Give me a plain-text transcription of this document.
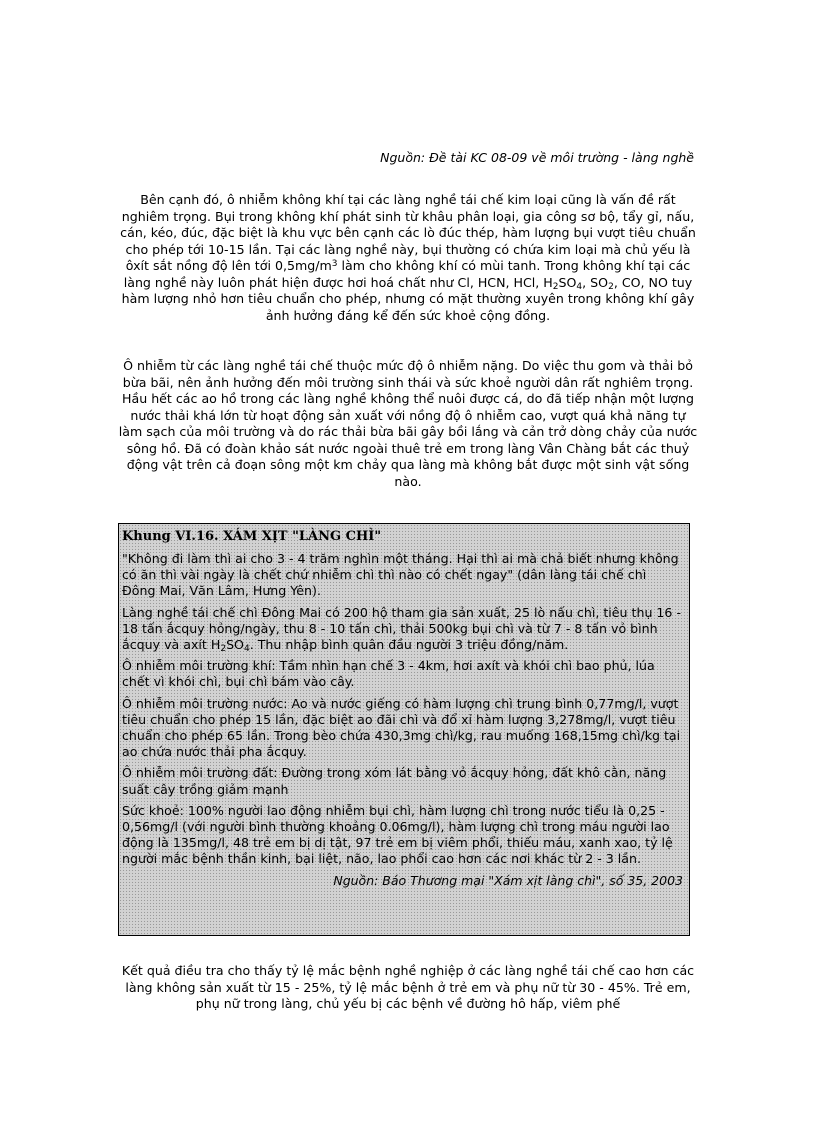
Nguồn: Đề tài KC 08-09 về môi trường - làng nghề

Bên cạnh đó, ô nhiễm không khí tại các làng nghề tái chế kim loại cũng là vấn đề rất nghiêm trọng. Bụi trong không khí phát sinh từ khâu phân loại, gia công sơ bộ, tẩy gỉ, nấu, cán, kéo, đúc, đặc biệt là khu vực bên cạnh các lò đúc thép, hàm lượng bụi vượt tiêu chuẩn cho phép tới 10-15 lần. Tại các làng nghề này, bụi thường có chứa kim loại mà chủ yếu là ôxít sắt nồng độ lên tới $0,5mg/m^3$ làm cho không khí có mùi tanh. Trong không khí tại các làng nghề này luôn phát hiện được hơi hoá chất như Cl, HCN, HCl, $H_2SO_4$, $SO_2$, CO, NO tuy hàm lượng nhỏ hơn tiêu chuẩn cho phép, nhưng có mặt thường xuyên trong không khí gây ảnh hưởng đáng kể đến sức khoẻ cộng đồng.

Ô nhiễm từ các làng nghề tái chế thuộc mức độ ô nhiễm nặng. Do việc thu gom và thải bỏ bừa bãi, nên ảnh hưởng đến môi trường sinh thái và sức khoẻ người dân rất nghiêm trọng. Hầu hết các ao hồ trong các làng nghề không thể nuôi được cá, do đã tiếp nhận một lượng nước thải khá lớn từ hoạt động sản xuất với nồng độ ô nhiễm cao, vượt quá khả năng tự làm sạch của môi trường và do rác thải bừa bãi gây bồi lắng và cản trở dòng chảy của nước sông hồ. Đã có đoàn khảo sát nước ngoài thuê trẻ em trong làng Vân Chàng bắt các thuỷ động vật trên cả đoạn sông một km chảy qua làng mà không bắt được một sinh vật sống nào.

Khung VI.16. XÁM XỊT "LÀNG CHÌ"

"Không đi làm thì ai cho 3 - 4 trăm nghìn một tháng. Hại thì ai mà chả biết nhưng không có ăn thì vài ngày là chết chứ nhiễm chì thì nào có chết ngay" (dân làng tái chế chì Đông Mai, Văn Lâm, Hưng Yên).

Làng nghề tái chế chì Đông Mai có 200 hộ tham gia sản xuất, 25 lò nấu chì, tiêu thụ 16 - 18 tấn ắcquy hỏng/ngày, thu 8 - 10 tấn chì, thải 500kg bụi chì và từ 7 - 8 tấn vỏ bình ắcquy và axít $H_2SO_4$. Thu nhập bình quân đầu người 3 triệu đồng/năm.

Ô nhiễm môi trường khí: Tầm nhìn hạn chế 3 - 4km, hơi axít và khói chì bao phủ, lúa chết vì khói chì, bụi chì bám vào cây.

Ô nhiễm môi trường nước: Ao và nước giếng có hàm lượng chì trung bình 0,77mg/l, vượt tiêu chuẩn cho phép 15 lần, đặc biệt ao đãi chì và đổ xỉ hàm lượng 3,278mg/l, vượt tiêu chuẩn cho phép 65 lần. Trong bèo chứa 430,3mg chì/kg, rau muống 168,15mg chì/kg tại ao chứa nước thải pha ắcquy.

Ô nhiễm môi trường đất: Đường trong xóm lát bằng vỏ ắcquy hỏng, đất khô cằn, năng suất cây trồng giảm mạnh

Sức khoẻ: 100% người lao động nhiễm bụi chì, hàm lượng chì trong nước tiểu là 0,25 - 0,56mg/l (với người bình thường khoảng 0.06mg/l), hàm lượng chì trong máu người lao động là 135mg/l, 48 trẻ em bị dị tật, 97 trẻ em bị viêm phổi, thiếu máu, xanh xao, tỷ lệ người mắc bệnh thần kinh, bại liệt, não, lao phổi cao hơn các nơi khác từ 2 - 3 lần.

Nguồn: Báo Thương mại "Xám xịt làng chì", số 35, 2003

Kết quả điều tra cho thấy tỷ lệ mắc bệnh nghề nghiệp ở các làng nghề tái chế cao hơn các làng không sản xuất từ 15 - 25%, tỷ lệ mắc bệnh ở trẻ em và phụ nữ từ 30 - 45%. Trẻ em, phụ nữ trong làng, chủ yếu bị các bệnh về đường hô hấp, viêm phế
